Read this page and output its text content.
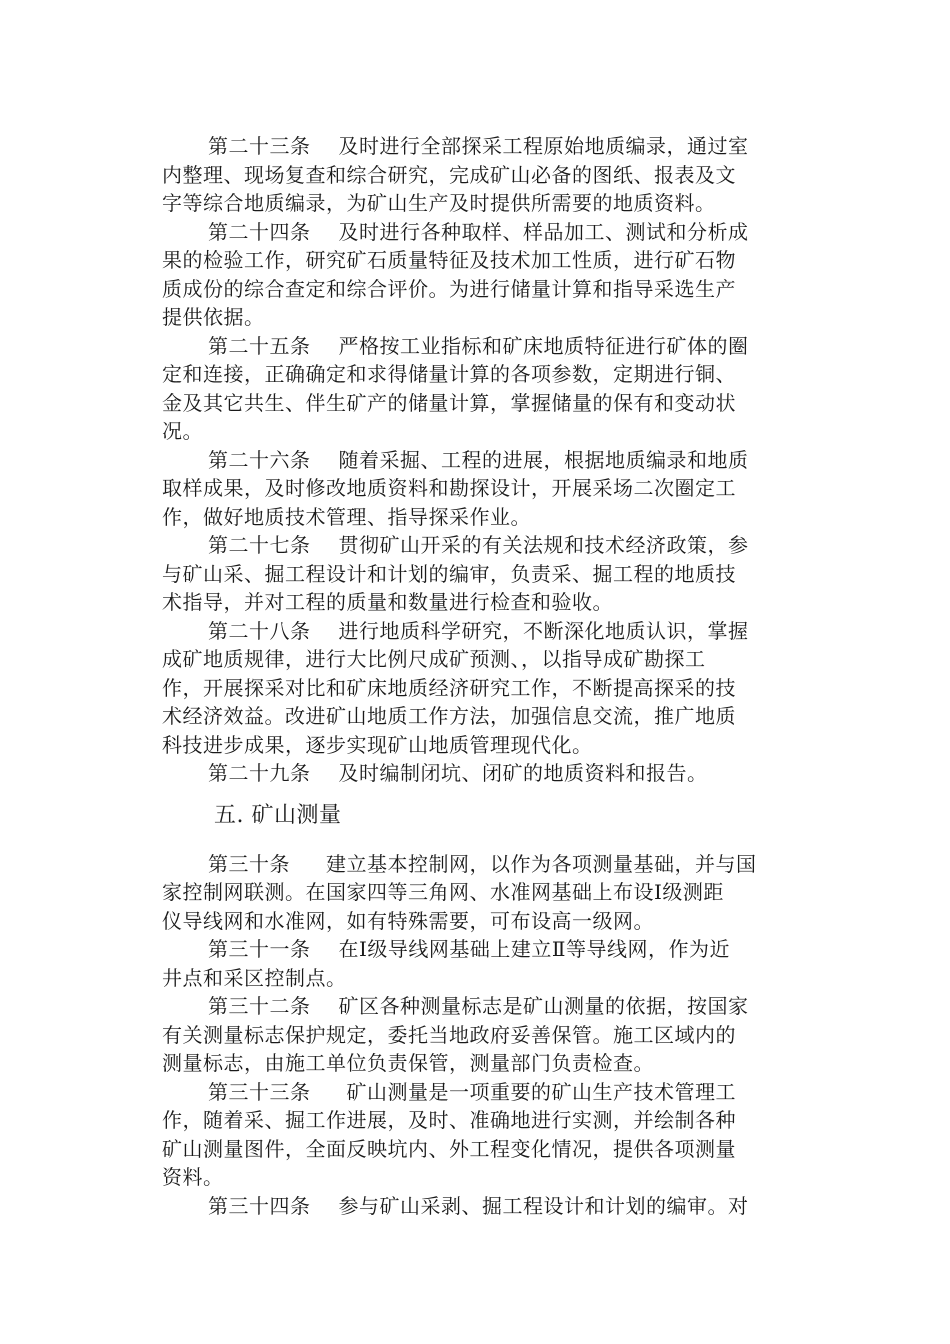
第二十三条 及时进行全部探采工程原始地质编录，通过室
内整理、现场复查和综合研究，完成矿山必备的图纸、报表及文
字等综合地质编录，为矿山生产及时提供所需要的地质资料。
第二十四条 及时进行各种取样、样品加工、测试和分析成
果的检验工作，研究矿石质量特征及技术加工性质，进行矿石物
质成份的综合查定和综合评价。为进行储量计算和指导采选生产
提供依据。
第二十五条 严格按工业指标和矿床地质特征进行矿体的圈
定和连接，正确确定和求得储量计算的各项参数，定期进行铜、
金及其它共生、伴生矿产的储量计算，掌握储量的保有和变动状
况。
第二十六条 随着采掘、工程的进展，根据地质编录和地质
取样成果，及时修改地质资料和勘探设计，开展采场二次圈定工
作，做好地质技术管理、指导探采作业。
第二十七条 贯彻矿山开采的有关法规和技术经济政策，参
与矿山采、掘工程设计和计划的编审，负责采、掘工程的地质技
术指导，并对工程的质量和数量进行检查和验收。
第二十八条 进行地质科学研究，不断深化地质认识，掌握
成矿地质规律，进行大比例尺成矿预测、，以指导成矿勘探工
作，开展探采对比和矿床地质经济研究工作，不断提高探采的技
术经济效益。改进矿山地质工作方法，加强信息交流，推广地质
科技进步成果，逐步实现矿山地质管理现代化。
第二十九条 及时编制闭坑、闭矿的地质资料和报告。
五. 矿山测量
第三十条 建立基本控制网，以作为各项测量基础，并与国
家控制网联测。在国家四等三角网、水准网基础上布设Ⅰ级测距
仪导线网和水准网，如有特殊需要，可布设高一级网。
第三十一条 在Ⅰ级导线网基础上建立Ⅱ等导线网，作为近
井点和采区控制点。
第三十二条 矿区各种测量标志是矿山测量的依据，按国家
有关测量标志保护规定，委托当地政府妥善保管。施工区域内的
测量标志，由施工单位负责保管，测量部门负责检查。
第三十三条 矿山测量是一项重要的矿山生产技术管理工
作，随着采、掘工作进展，及时、准确地进行实测，并绘制各种
矿山测量图件，全面反映坑内、外工程变化情况，提供各项测量
资料。
第三十四条 参与矿山采剥、掘工程设计和计划的编审。对
